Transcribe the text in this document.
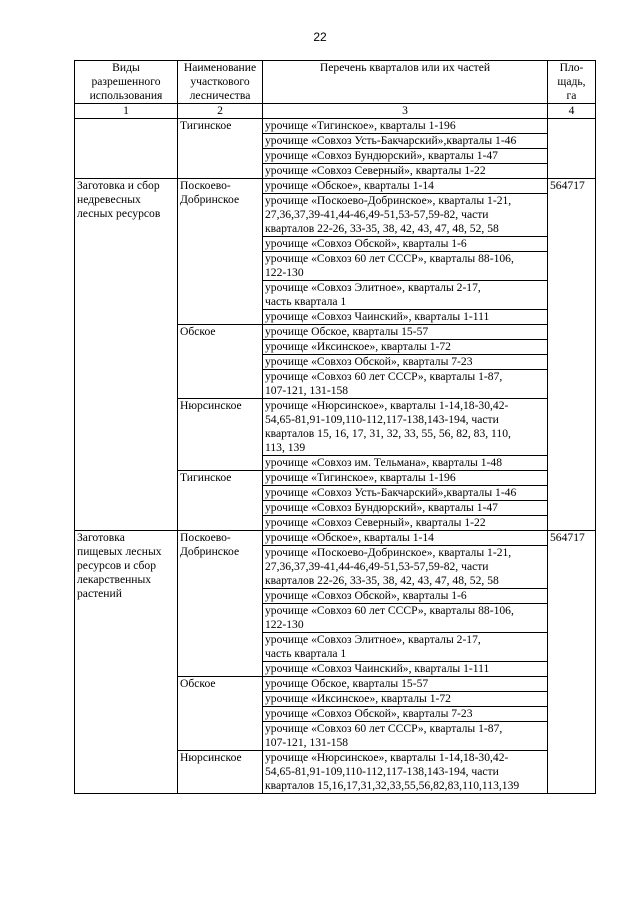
22
Виды
разрешенного
использования	Наименование
участкового
лесничества	Перечень кварталов или их частей	Пло-
щадь,
га

1	2	3	4
	Тигинское	урочище «Тигинское», кварталы 1-196	

		урочище «Совхоз Усть-Бакчарский»,кварталы 1-46	

		урочище «Совхоз Бундюрский», кварталы 1-47	

		урочище «Совхоз Северный», кварталы 1-22	

Заготовка и сбор
недревесных
лесных ресурсов	Поскоево-Добринское	урочище «Обское», кварталы 1-14	564717

		урочище «Поскоево-Добринское», кварталы 1-21,
27,36,37,39-41,44-46,49-51,53-57,59-82, части
кварталов 22-26, 33-35, 38, 42, 43, 47, 48, 52, 58	

		урочище «Совхоз Обской», кварталы 1-6	

		урочище «Совхоз 60 лет СССР», кварталы 88-106,
122-130	

		урочище «Совхоз Элитное», кварталы 2-17,
часть квартала 1	

		урочище «Совхоз Чаинский», кварталы 1-111	

	Обское	урочище Обское, кварталы 15-57	

		урочище «Иксинское», кварталы 1-72	

		урочище «Совхоз Обской», кварталы 7-23	

		урочище «Совхоз 60 лет СССР», кварталы 1-87,
107-121, 131-158	

	Нюрсинское	урочище «Нюрсинское», кварталы 1-14,18-30,42-
54,65-81,91-109,110-112,117-138,143-194, части
кварталов 15, 16, 17, 31, 32, 33, 55, 56, 82, 83, 110,
113, 139	

		урочище «Совхоз им. Тельмана», кварталы 1-48	

	Тигинское	урочище «Тигинское», кварталы 1-196	

		урочище «Совхоз Усть-Бакчарский»,кварталы 1-46	

		урочище «Совхоз Бундюрский», кварталы 1-47	

		урочище «Совхоз Северный», кварталы 1-22	

Заготовка
пищевых лесных
ресурсов и сбор
лекарственных
растений	Поскоево-Добринское	урочище «Обское», кварталы 1-14	564717

		урочище «Поскоево-Добринское», кварталы 1-21,
27,36,37,39-41,44-46,49-51,53-57,59-82, части
кварталов 22-26, 33-35, 38, 42, 43, 47, 48, 52, 58	

		урочище «Совхоз Обской», кварталы 1-6	

		урочище «Совхоз 60 лет СССР», кварталы 88-106,
122-130	

		урочище «Совхоз Элитное», кварталы 2-17,
часть квартала 1	

		урочище «Совхоз Чаинский», кварталы 1-111	

	Обское	урочище Обское, кварталы 15-57	

		урочище «Иксинское», кварталы 1-72	

		урочище «Совхоз Обской», кварталы 7-23	

		урочище «Совхоз 60 лет СССР», кварталы 1-87,
107-121, 131-158	

	Нюрсинское	урочище «Нюрсинское», кварталы 1-14,18-30,42-
54,65-81,91-109,110-112,117-138,143-194, части
кварталов 15,16,17,31,32,33,55,56,82,83,110,113,139	
